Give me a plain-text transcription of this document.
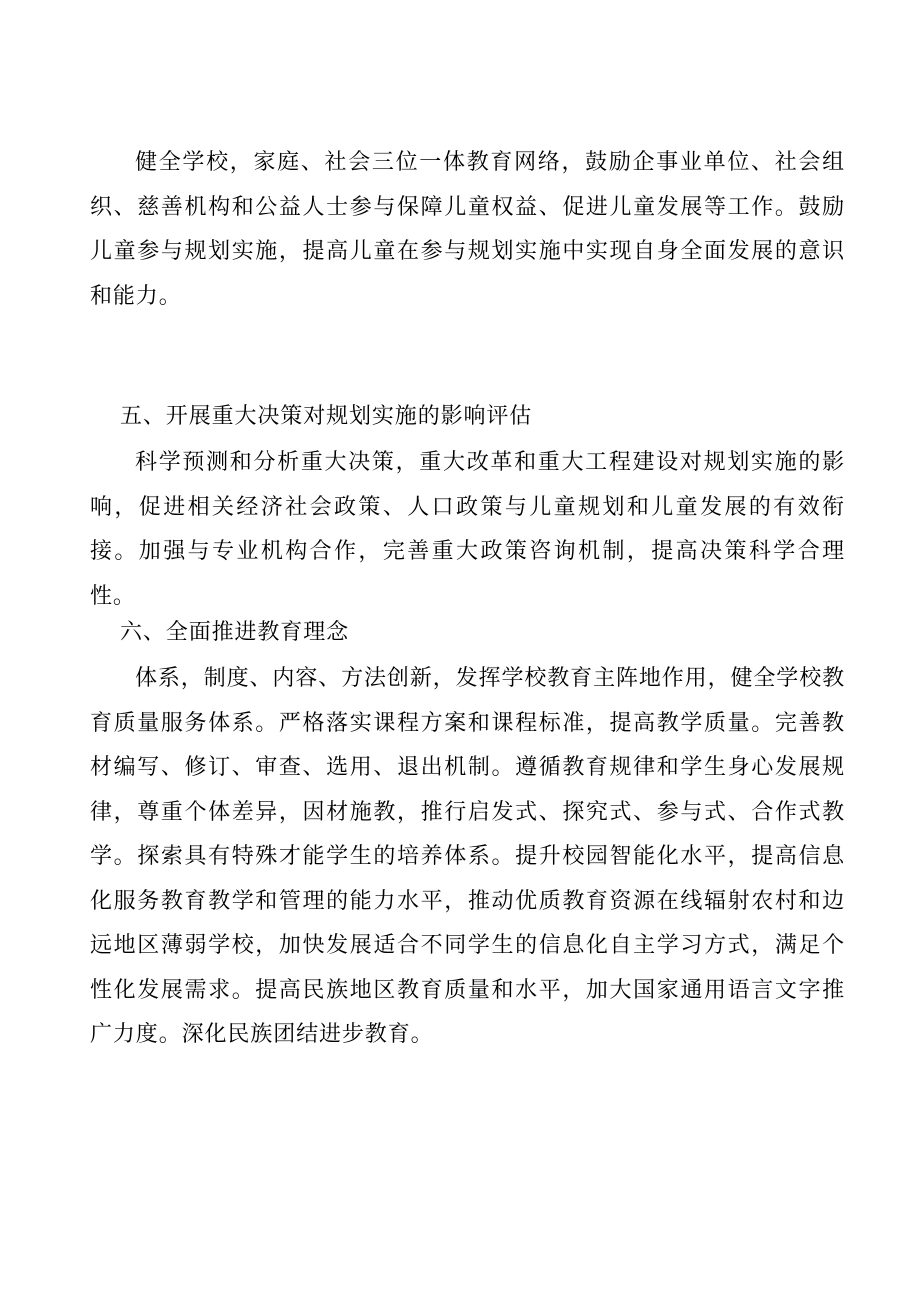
健全学校，家庭、社会三位一体教育网络，鼓励企事业单位、社会组织、慈善机构和公益人士参与保障儿童权益、促进儿童发展等工作。鼓励儿童参与规划实施，提高儿童在参与规划实施中实现自身全面发展的意识和能力。

五、开展重大决策对规划实施的影响评估

科学预测和分析重大决策，重大改革和重大工程建设对规划实施的影响，促进相关经济社会政策、人口政策与儿童规划和儿童发展的有效衔接。加强与专业机构合作，完善重大政策咨询机制，提高决策科学合理性。

六、全面推进教育理念

体系，制度、内容、方法创新，发挥学校教育主阵地作用，健全学校教育质量服务体系。严格落实课程方案和课程标准，提高教学质量。完善教材编写、修订、审查、选用、退出机制。遵循教育规律和学生身心发展规律，尊重个体差异，因材施教，推行启发式、探究式、参与式、合作式教学。探索具有特殊才能学生的培养体系。提升校园智能化水平，提高信息化服务教育教学和管理的能力水平，推动优质教育资源在线辐射农村和边远地区薄弱学校，加快发展适合不同学生的信息化自主学习方式，满足个性化发展需求。提高民族地区教育质量和水平，加大国家通用语言文字推广力度。深化民族团结进步教育。
